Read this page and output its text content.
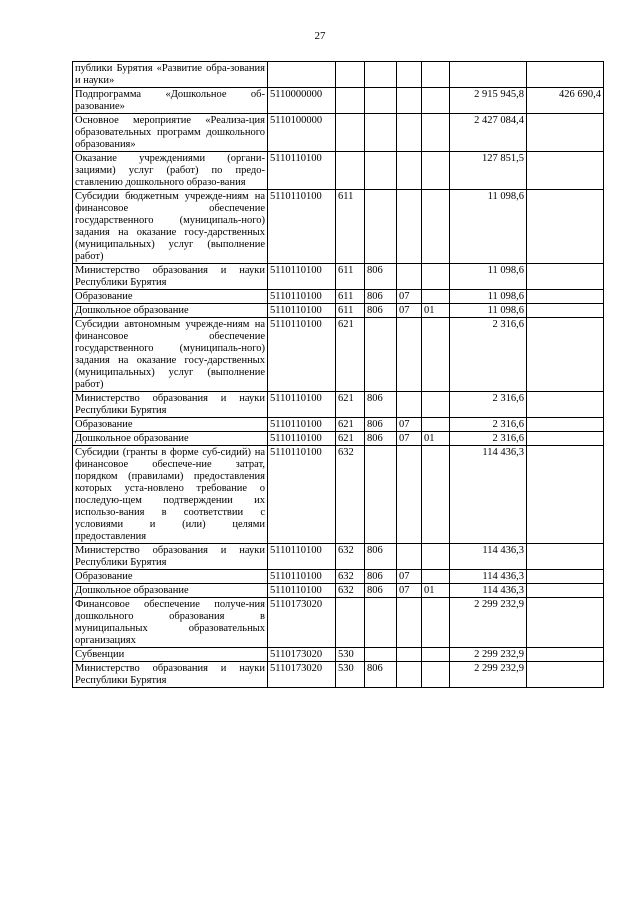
27
публики Бурятия «Развитие обра-зования и науки»							
Подпрограмма «Дошкольное об-разование»	5110000000					2 915 945,8	426 690,4
Основное мероприятие «Реализа-ция образовательных программ дошкольного образования»	5110100000					2 427 084,4	
Оказание учреждениями (органи-зациями) услуг (работ) по предо-ставлению дошкольного образо-вания	5110110100					127 851,5	
Субсидии бюджетным учрежде-ниям на финансовое обеспечение государственного (муниципаль-ного) задания на оказание госу-дарственных (муниципальных) услуг (выполнение работ)	5110110100	611				11 098,6	
Министерство образования и науки Республики Бурятия	5110110100	611	806			11 098,6	
Образование	5110110100	611	806	07		11 098,6	
Дошкольное образование	5110110100	611	806	07	01	11 098,6	
Субсидии автономным учрежде-ниям на финансовое обеспечение государственного (муниципаль-ного) задания на оказание госу-дарственных (муниципальных) услуг (выполнение работ)	5110110100	621				2 316,6	
Министерство образования и науки Республики Бурятия	5110110100	621	806			2 316,6	
Образование	5110110100	621	806	07		2 316,6	
Дошкольное образование	5110110100	621	806	07	01	2 316,6	
Субсидии (гранты в форме суб-сидий) на финансовое обеспече-ние затрат, порядком (правилами) предоставления которых уста-новлено требование о последую-щем подтверждении их использо-вания в соответствии с условиями и (или) целями предоставления	5110110100	632				114 436,3	
Министерство образования и науки Республики Бурятия	5110110100	632	806			114 436,3	
Образование	5110110100	632	806	07		114 436,3	
Дошкольное образование	5110110100	632	806	07	01	114 436,3	
Финансовое обеспечение получе-ния дошкольного образования в муниципальных образовательных организациях	5110173020					2 299 232,9	
Субвенции	5110173020	530				2 299 232,9	
Министерство образования и науки Республики Бурятия	5110173020	530	806			2 299 232,9	
